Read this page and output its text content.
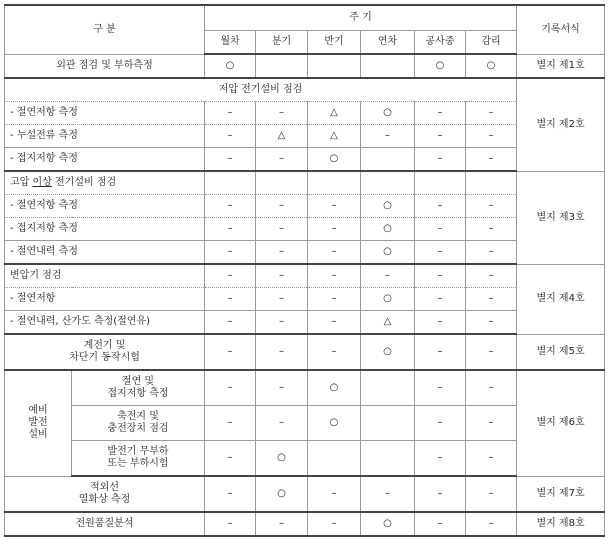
구 분		주 기						기록서식
		월차	분기	반기	연차	공사중	감리	
외관 점검 및 부하측정		○				○	○	별지 제1호
저압 전기설비 점검								별지 제2호
- 절연저항 측정		–	–	△	○	–	–	
- 누설전류 측정		–	△	△	–	–	–	
- 접지저항 측정		–	–	○		–	–	
고압 이상 전기설비 점검								별지 제3호
- 절연저항 측정		–	–	–	○	–	–	
- 접지저항 측정		–	–	–	○	–	–	
- 절연내력 측정		–	–	–	○	–	–	
변압기 점검		–	–	–	–	–	–	별지 제4호
- 절연저항		–	–	–	○	–	–	
- 절연내력, 산가도 측정(절연유)		–	–	–	△	–	–	
계전기 및
차단기 동작시험		–	–	–	○	–	–	별지 제5호
예비
발전
설비	절연 및
접지저항 측정	–	–	○		–	–	별지 제6호
	축전지 및
충전장치 점검	–	–	○		–	–	
	발전기 무부하
또는 부하시험	–	○			–	–	
적외선
열화상 측정		–	○	–	–	–	–	별지 제7호
전원품질분석		–	–	–	○	–	–	별지 제8호
